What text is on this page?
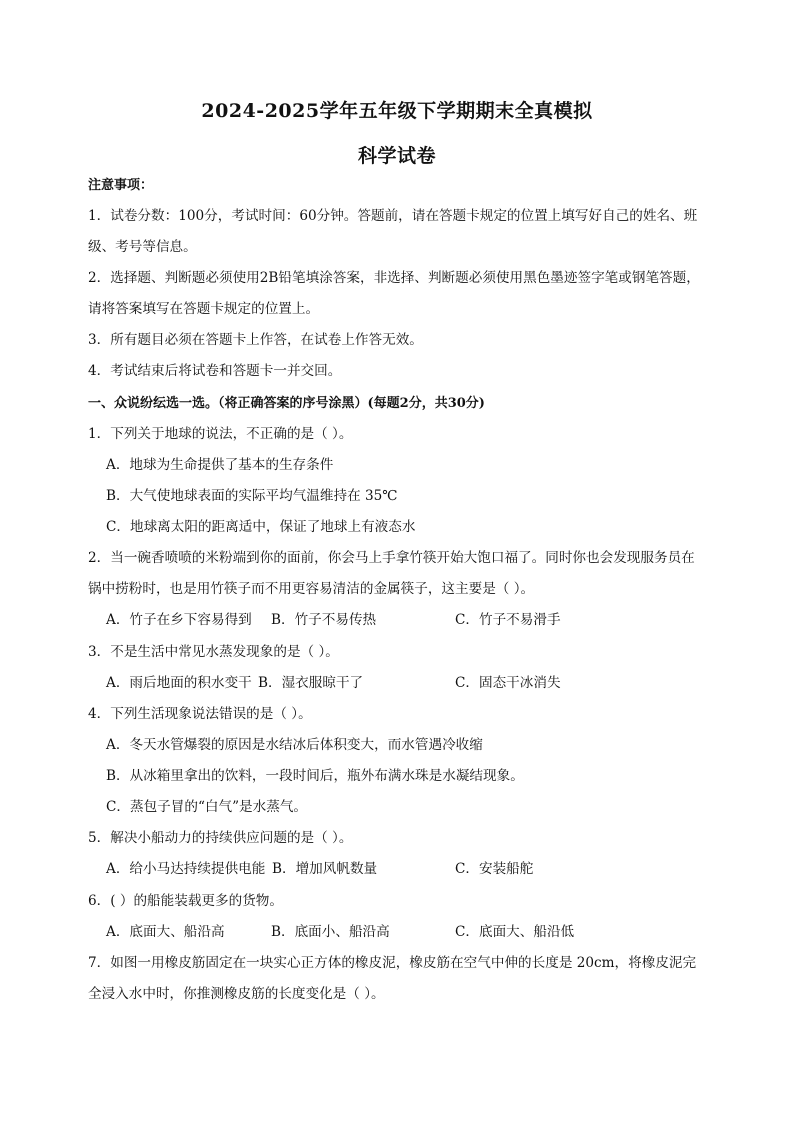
2024-2025学年五年级下学期期末全真模拟
科学试卷
注意事项：
1．试卷分数：100分，考试时间：60分钟。答题前，请在答题卡规定的位置上填写好自己的姓名、班
级、考号等信息。
2．选择题、判断题必须使用2B铅笔填涂答案，非选择、判断题必须使用黑色墨迹签字笔或钢笔答题，
请将答案填写在答题卡规定的位置上。
3．所有题目必须在答题卡上作答，在试卷上作答无效。
4．考试结束后将试卷和答题卡一并交回。
一、众说纷纭选一选。（将正确答案的序号涂黑）(每题2分，共30分)
1．下列关于地球的说法，不正确的是（ ）。
A．地球为生命提供了基本的生存条件
B．大气使地球表面的实际平均气温维持在 35℃
C．地球离太阳的距离适中，保证了地球上有液态水
2．当一碗香喷喷的米粉端到你的面前，你会马上手拿竹筷开始大饱口福了。同时你也会发现服务员在
锅中捞粉时，也是用竹筷子而不用更容易清洁的金属筷子，这主要是（ ）。
A．竹子在乡下容易得到 B．竹子不易传热	C．竹子不易滑手
3．不是生活中常见水蒸发现象的是（ ）。
A．雨后地面的积水变干 B．湿衣服晾干了	C．固态干冰消失
4．下列生活现象说法错误的是（ ）。
A．冬天水管爆裂的原因是水结冰后体积变大，而水管遇冷收缩
B．从冰箱里拿出的饮料，一段时间后，瓶外布满水珠是水凝结现象。
C．蒸包子冒的“白气”是水蒸气。
5．解决小船动力的持续供应问题的是（ ）。
A．给小马达持续提供电能 B．增加风帆数量	C．安装船舵
6．( ）的船能装载更多的货物。
A．底面大、船沿高	B．底面小、船沿高	C．底面大、船沿低
7．如图一用橡皮筋固定在一块实心正方体的橡皮泥，橡皮筋在空气中伸的长度是 20cm，将橡皮泥完
全浸入水中时，你推测橡皮筋的长度变化是（ ）。
